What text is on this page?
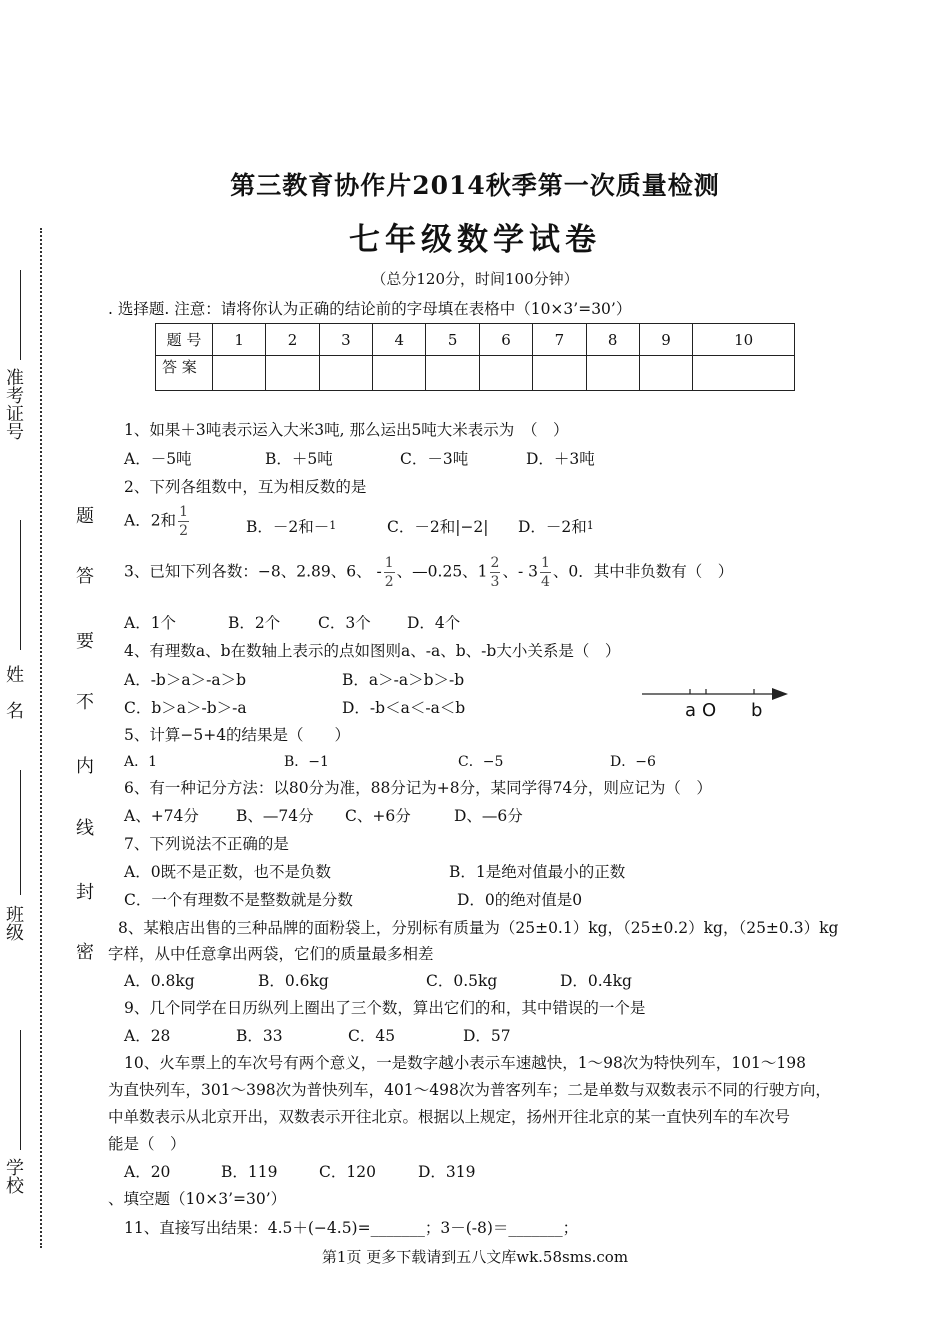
准考证号
姓　名
班级
学校
题
答
要
不
内
线
封
密
第三教育协作片2014秋季第一次质量检测
七年级数学试卷
（总分120分，时间100分钟）
. 选择题. 注意：请将你认为正确的结论前的字母填在表格中（10×3’=30’）
题 号	1	2	3	4	5	6	7	8	9	10
答 案										
1、如果＋3吨表示运入大米3吨, 那么运出5吨大米表示为　（　）
A．－5吨	B．＋5吨	C．－3吨	D．＋3吨
2、下列各组数中，互为相反数的是
A．2和 $\frac{1}{2}$	B．－2和－1	C．－2和|−2| D．－2和1
3、已知下列各数：−8、2.89、6、 - $\frac{1}{2}$ 、—0.25、$1 \frac{2}{3}$ 、- $3 \frac{1}{4}$ 、0．其中非负数有（　）
A．1个	B．2个 C．3个 D．4个
4、有理数a、b在数轴上表示的点如图则a、-a、b、-b大小关系是（　）
A．-b＞a＞-a＞b	B．a＞-a＞b＞-b
C．b＞a＞-b＞-a	D．-b＜a＜-a＜b	a O b
5、计算−5+4的结果是（　　）
A．1	B．−1	C．−5	D．−6
6、有一种记分方法：以80分为准，88分记为+8分，某同学得74分，则应记为（　）
A、+74分 B、—74分 C、+6分	D、—6分
7、下列说法不正确的是
A．0既不是正数，也不是负数	B．1是绝对值最小的正数
C．一个有理数不是整数就是分数	D．0的绝对值是0
8、某粮店出售的三种品牌的面粉袋上，分别标有质量为（25±0.1）kg，（25±0.2）kg，（25±0.3）kg
字样，从中任意拿出两袋，它们的质量最多相差
A．0.8kg	B．0.6kg	C．0.5kg	D．0.4kg
9、几个同学在日历纵列上圈出了三个数，算出它们的和，其中错误的一个是
A．28	B．33	C．45	D．57
10、火车票上的车次号有两个意义，一是数字越小表示车速越快，1～98次为特快列车，101～198
为直快列车，301～398次为普快列车，401～498次为普客列车；二是单数与双数表示不同的行驶方向，
中单数表示从北京开出，双数表示开往北京。根据以上规定，扬州开往北京的某一直快列车的车次号
能是（　）
A．20	B．119	C．120	D．319
、填空题（10×3’=30’）
11、直接写出结果：4.5＋(−4.5)=_______；3－(-8)＝_______；
第1页 更多下载请到五八文库wk.58sms.com
